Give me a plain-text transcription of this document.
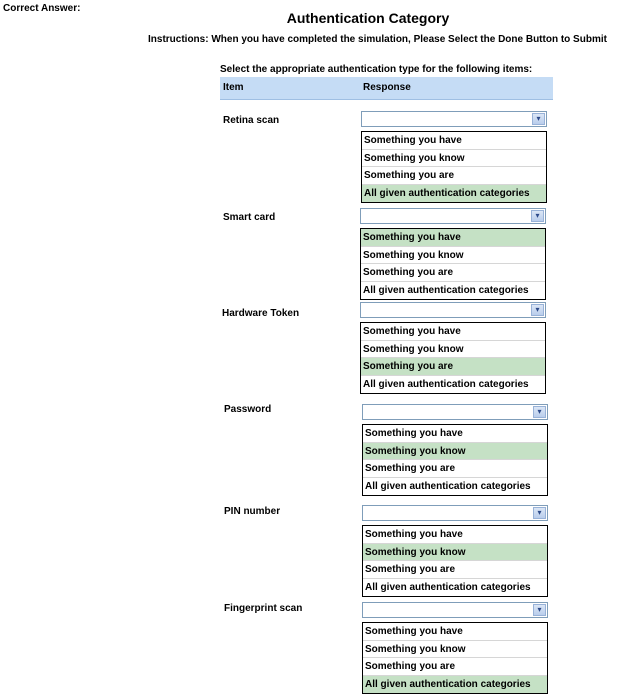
Correct Answer:
Authentication Category
Instructions: When you have completed the simulation, Please Select the Done Button to Submit
Select the appropriate authentication type for the following items:
Item	Response
Retina scan	▾
Something you have
Something you know
Something you are
All given authentication categories
Smart card	▾
Something you have
Something you know
Something you are
All given authentication categories
Hardware Token	▾
Something you have
Something you know
Something you are
All given authentication categories
Password	▾
Something you have
Something you know
Something you are
All given authentication categories
PIN number	▾
Something you have
Something you know
Something you are
All given authentication categories
Fingerprint scan	▾
Something you have
Something you know
Something you are
All given authentication categories
